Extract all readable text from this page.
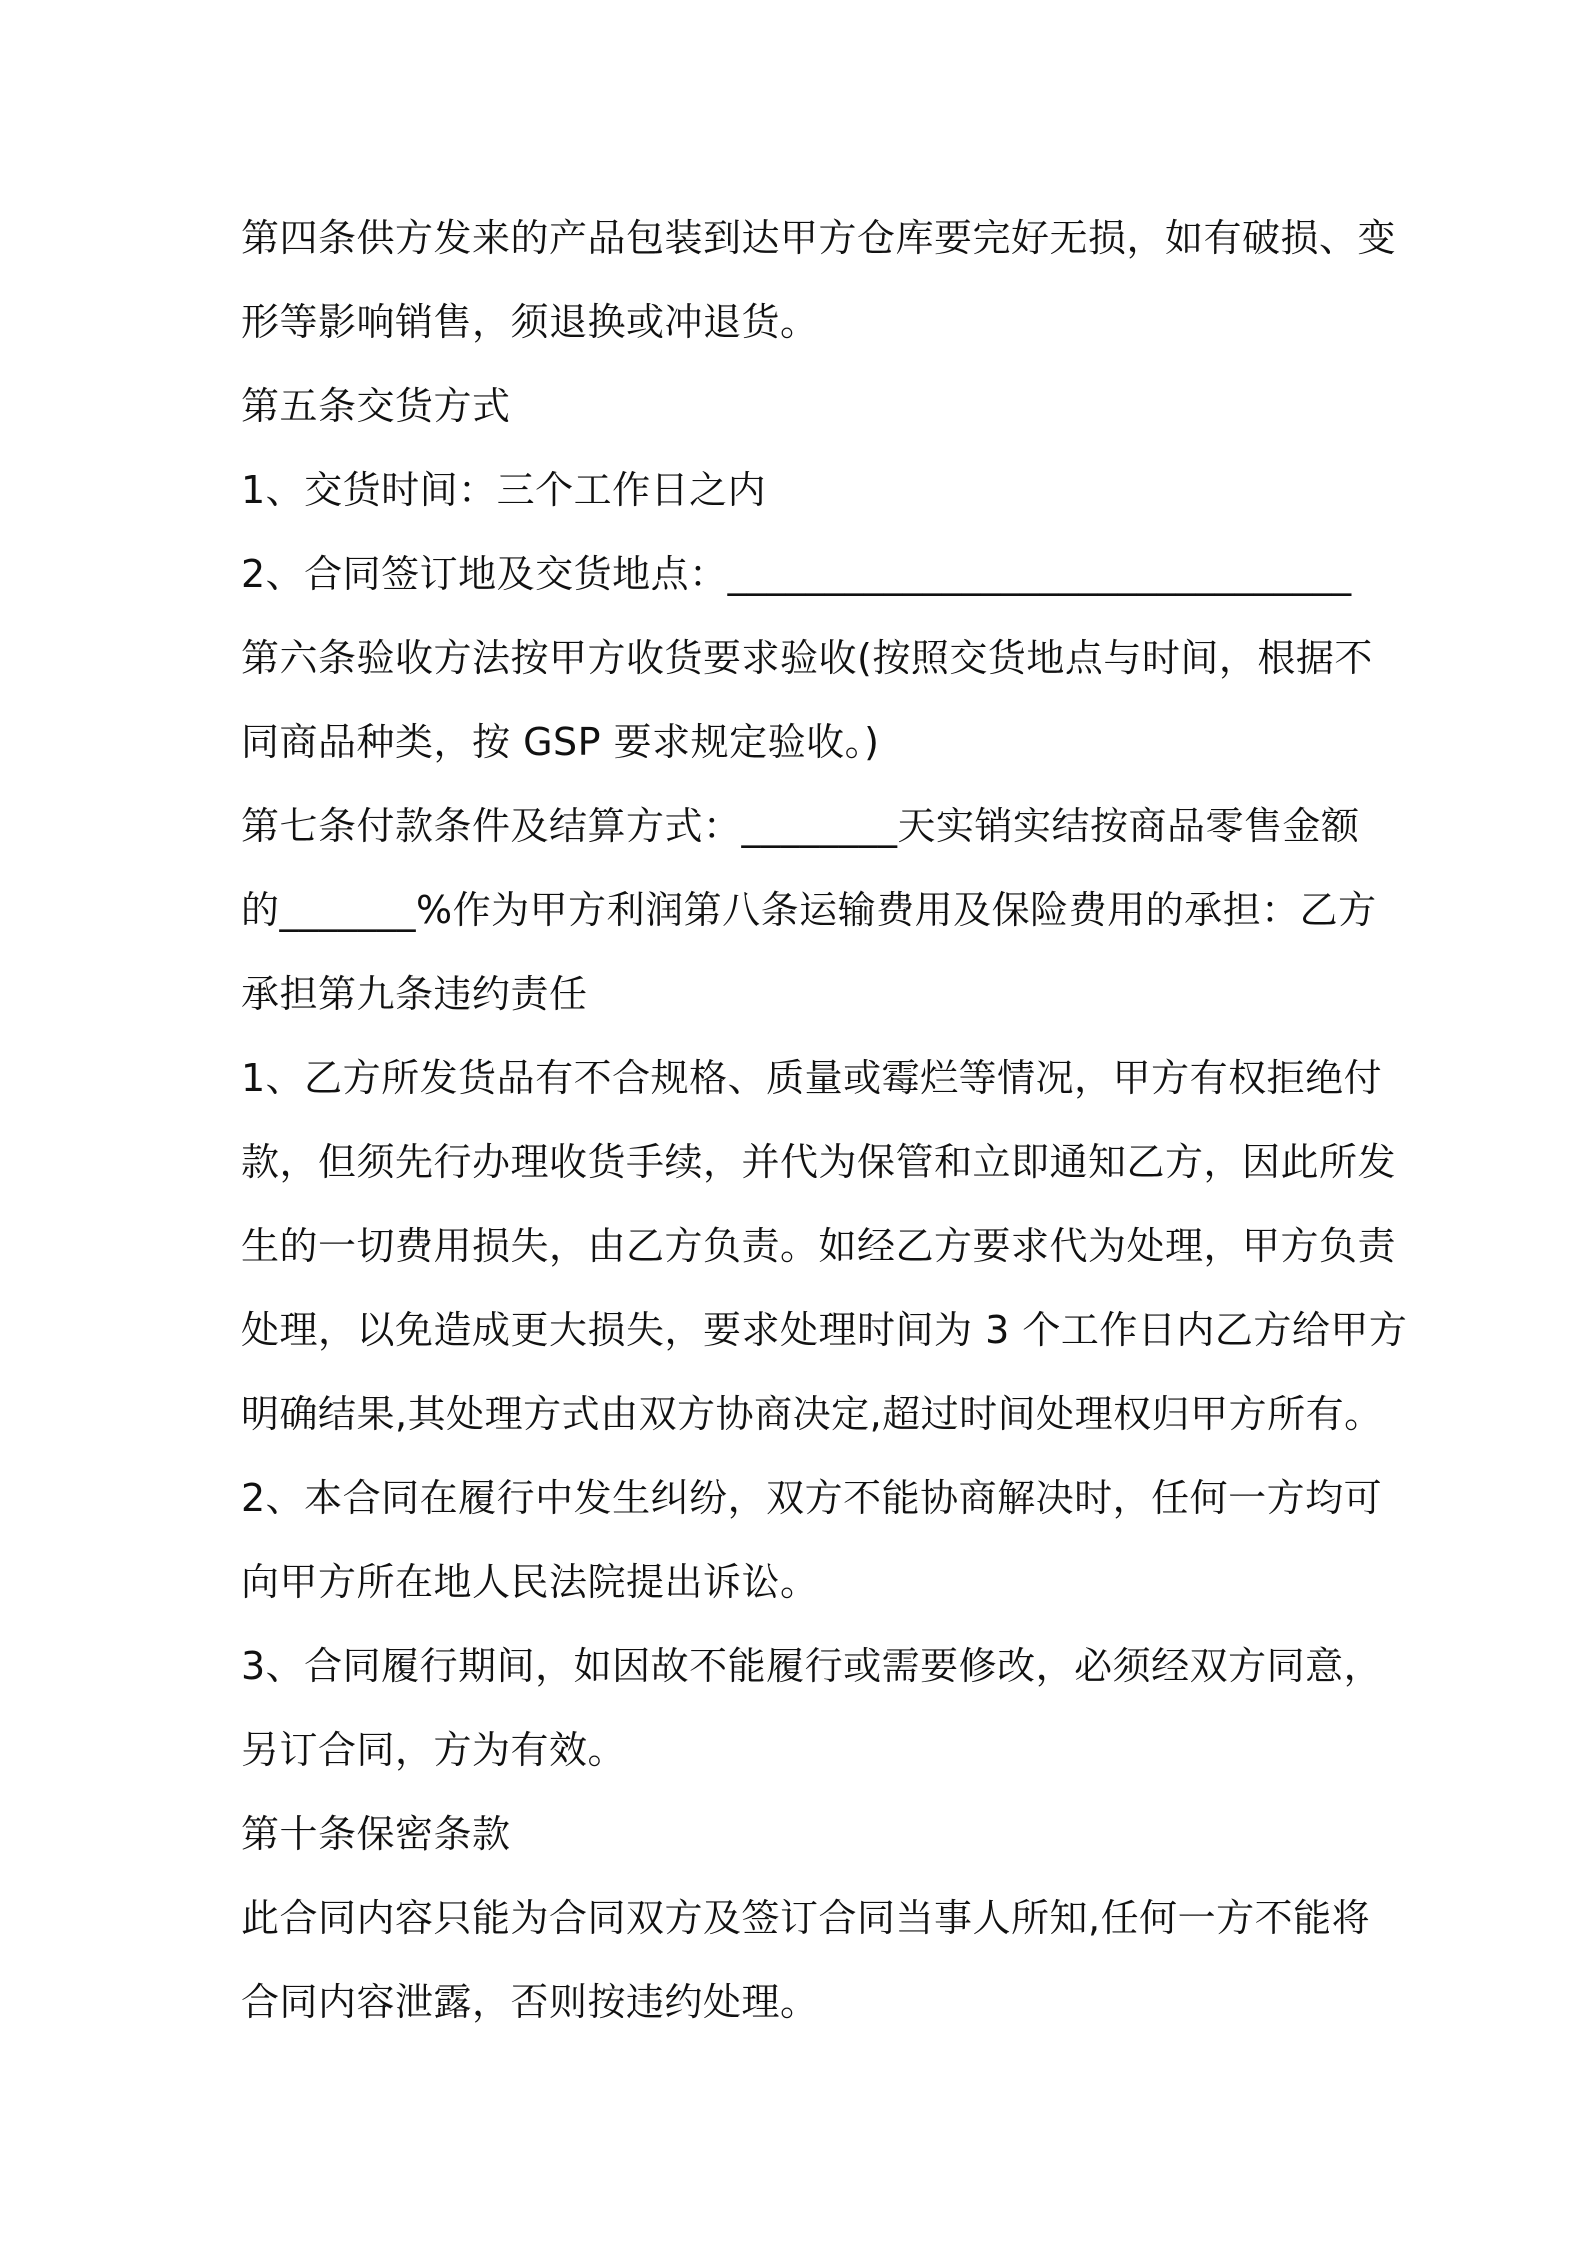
第四条供方发来的产品包装到达甲方仓库要完好无损，如有破损、变
形等影响销售，须退换或冲退货。
第五条交货方式
1、交货时间：三个工作日之内
2、合同签订地及交货地点：________________________________
第六条验收方法按甲方收货要求验收(按照交货地点与时间，根据不
同商品种类，按 GSP 要求规定验收。)
第七条付款条件及结算方式：________天实销实结按商品零售金额
的_______%作为甲方利润第八条运输费用及保险费用的承担：乙方
承担第九条违约责任
1、乙方所发货品有不合规格、质量或霉烂等情况，甲方有权拒绝付
款，但须先行办理收货手续，并代为保管和立即通知乙方，因此所发
生的一切费用损失，由乙方负责。如经乙方要求代为处理，甲方负责
处理，以免造成更大损失，要求处理时间为 3 个工作日内乙方给甲方
明确结果,其处理方式由双方协商决定,超过时间处理权归甲方所有。
2、本合同在履行中发生纠纷，双方不能协商解决时，任何一方均可
向甲方所在地人民法院提出诉讼。
3、合同履行期间，如因故不能履行或需要修改，必须经双方同意，
另订合同，方为有效。
第十条保密条款
此合同内容只能为合同双方及签订合同当事人所知,任何一方不能将
合同内容泄露，否则按违约处理。
